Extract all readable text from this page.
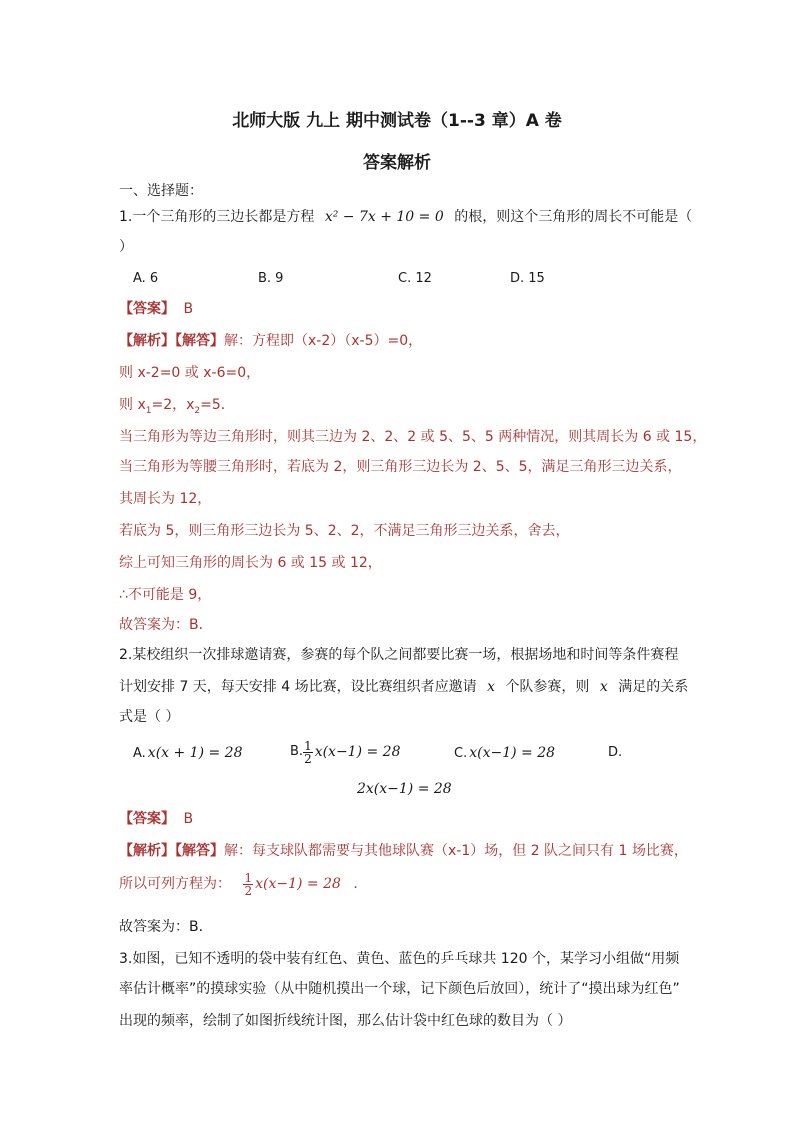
北师大版 九上 期中测试卷（1--3 章）A 卷
答案解析
一、选择题：
1.一个三角形的三边长都是方程 x² − 7x + 10 = 0 的根，则这个三角形的周长不可能是（
）
A. 6	B. 9	C. 12	D. 15
【答案】 B
【解析】【解答】解：方程即（x-2）（x-5）=0，
则 x-2=0 或 x-6=0，
则 $x_1=2$，$x_2=5$．
当三角形为等边三角形时，则其三边为 2、2、2 或 5、5、5 两种情况，则其周长为 6 或 15，
当三角形为等腰三角形时，若底为 2，则三角形三边长为 2、5、5，满足三角形三边关系，
其周长为 12，
若底为 5，则三角形三边长为 5、2、2，不满足三角形三边关系，舍去，
综上可知三角形的周长为 6 或 15 或 12，
∴不可能是 9，
故答案为：B．
2.某校组织一次排球邀请赛，参赛的每个队之间都要比赛一场，根据场地和时间等条件赛程
计划安排 7 天，每天安排 4 场比赛，设比赛组织者应邀请 x 个队参赛，则 x 满足的关系
式是（ ）
A. x(x + 1) = 28	B. $\frac{1}{2} x(x-1) = 28$	C. x(x−1) = 28	D.
2x(x−1) = 28
【答案】 B
【解析】【解答】解：每支球队都需要与其他球队赛（x-1）场，但 2 队之间只有 1 场比赛，
所以可列方程为： $\frac{1}{2} x(x-1) = 28$ ．
故答案为：B．
3.如图，已知不透明的袋中装有红色、黄色、蓝色的乒乓球共 120 个，某学习小组做“用频
率估计概率”的摸球实验（从中随机摸出一个球，记下颜色后放回），统计了“摸出球为红色”
出现的频率，绘制了如图折线统计图，那么估计袋中红色球的数目为（ ）
